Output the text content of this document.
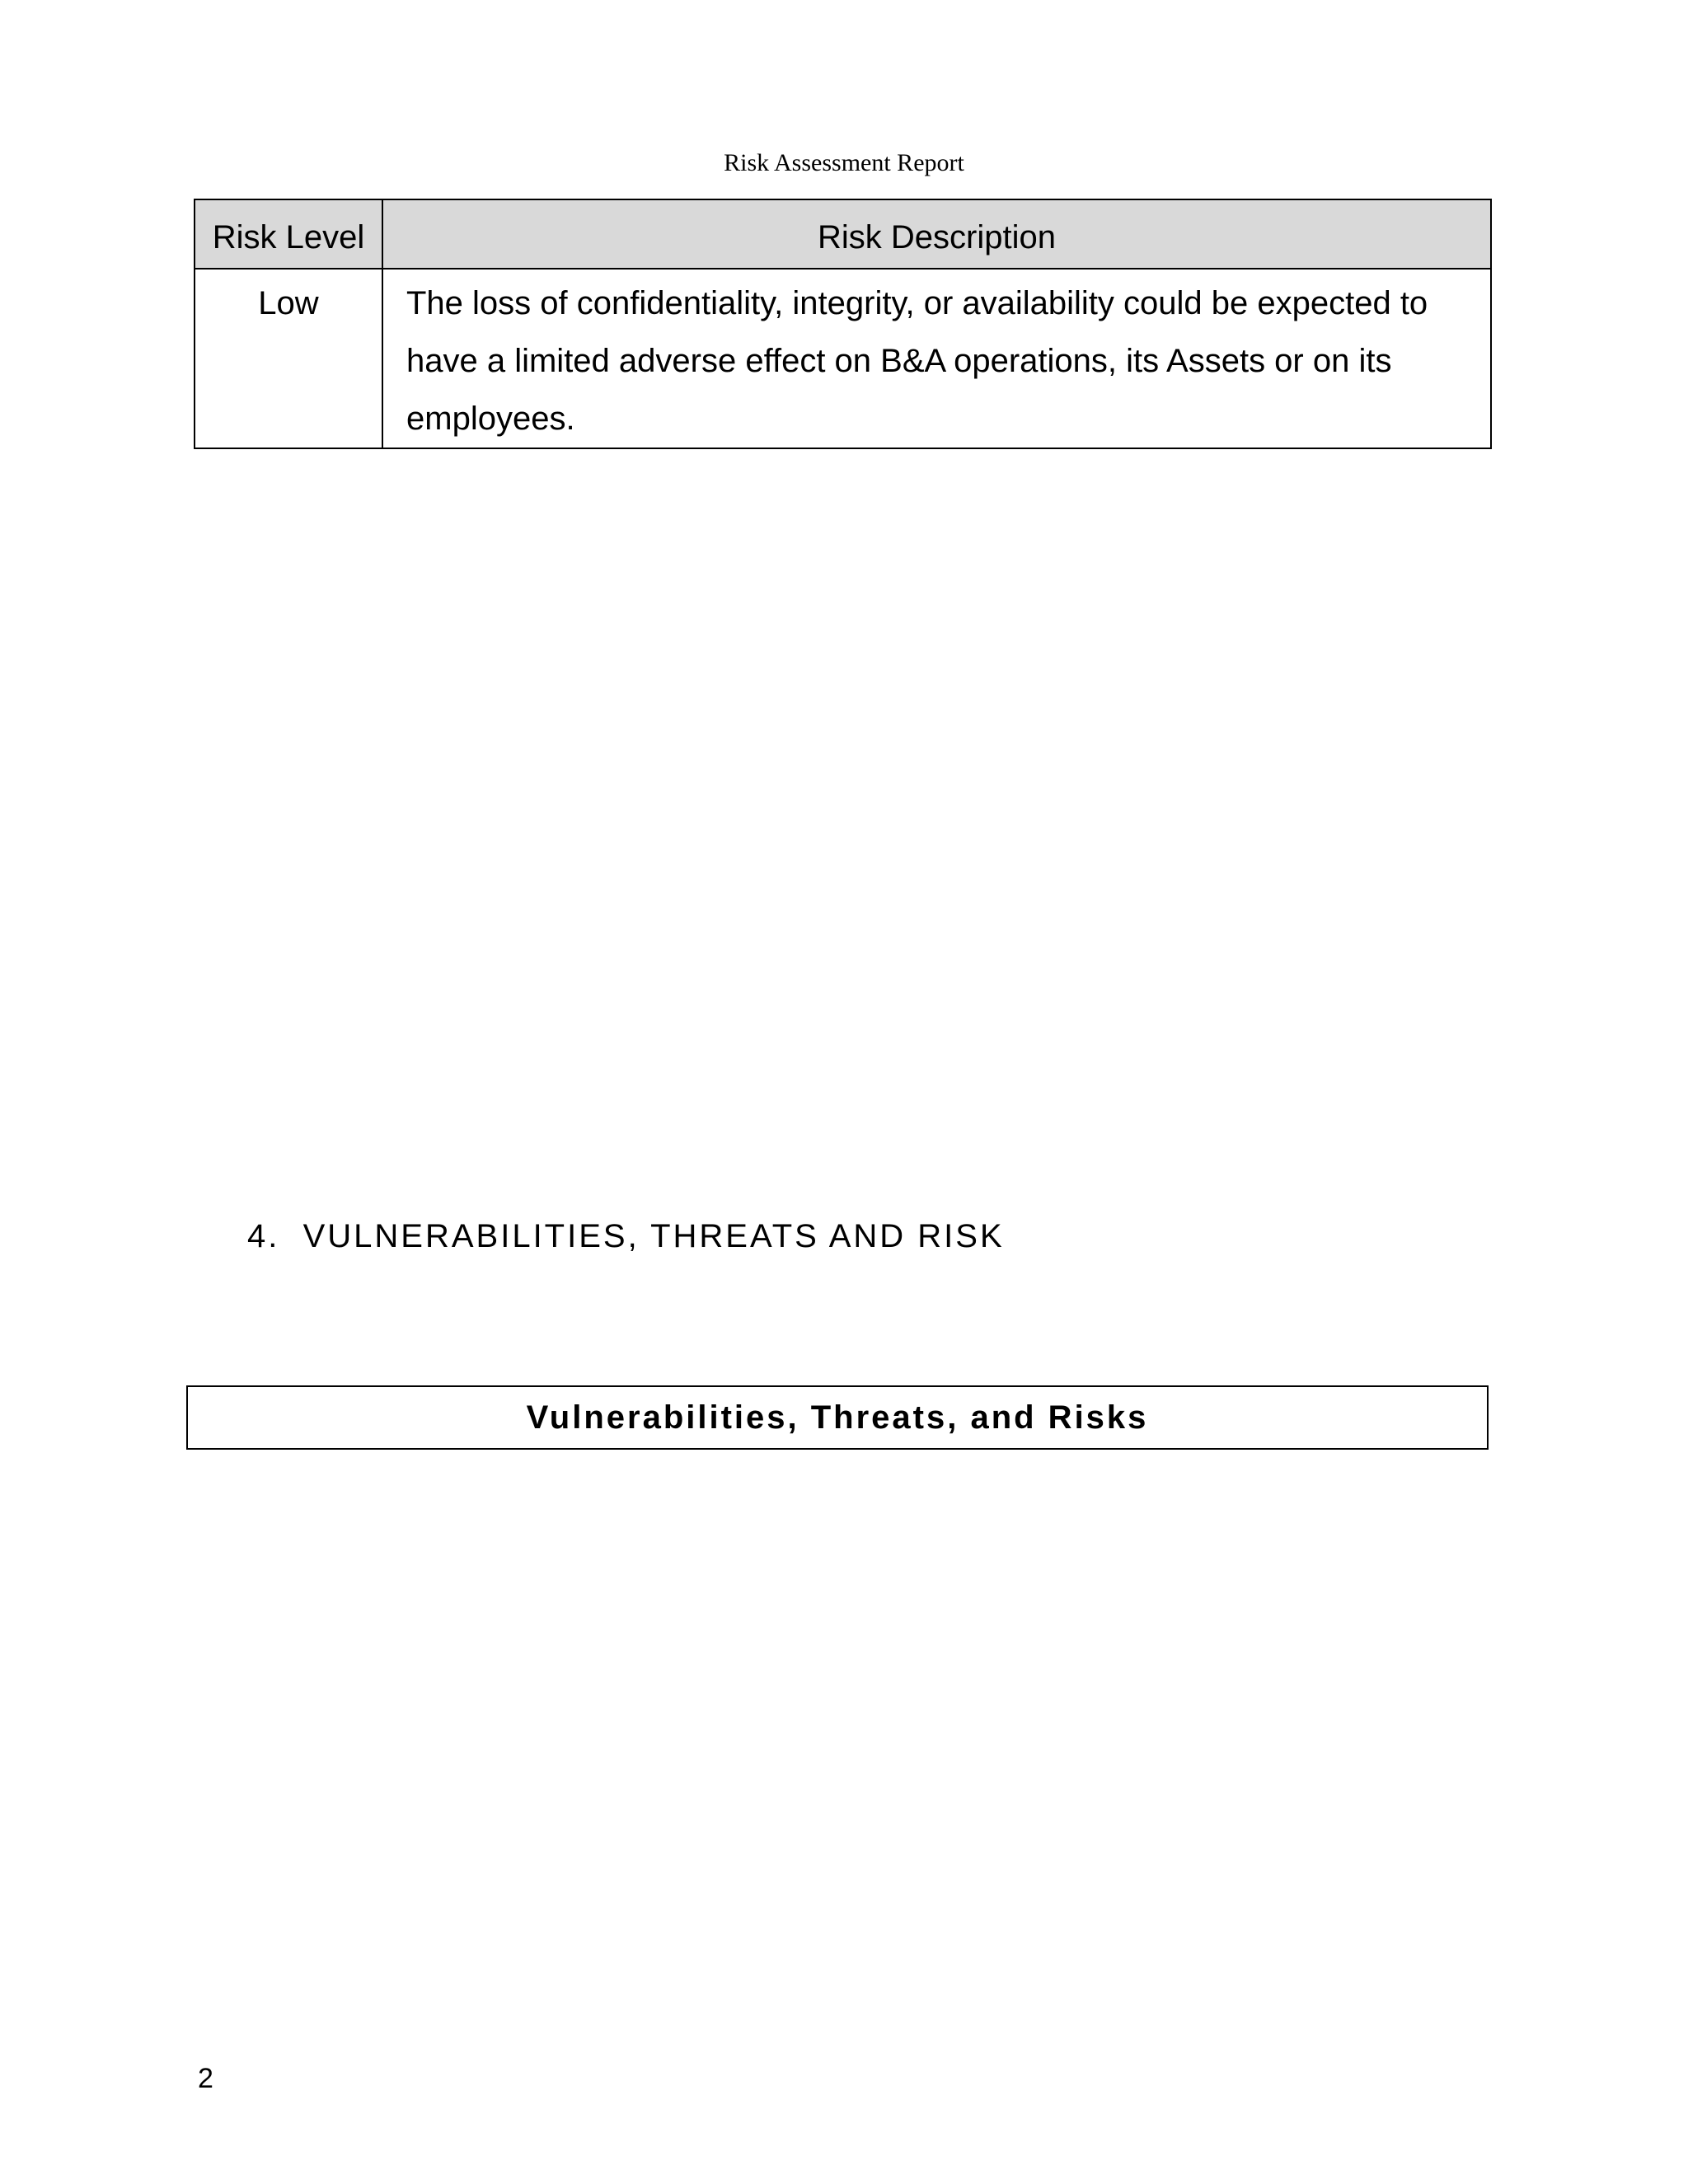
Risk Assessment Report
Risk Level	Risk Description
Low	The loss of confidentiality, integrity, or availability could be expected to have a limited adverse effect on B&A operations, its Assets or on its employees.
4.  VULNERABILITIES, THREATS AND RISK
Vulnerabilities, Threats, and Risks
2
